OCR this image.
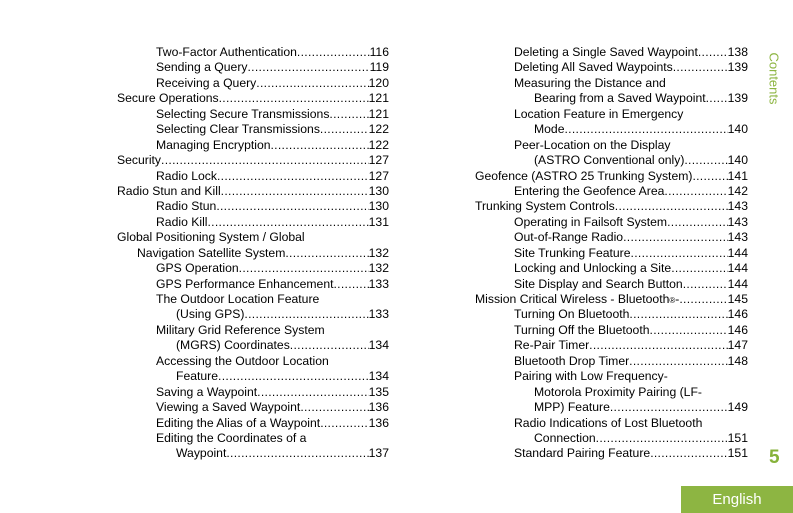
Two-Factor Authentication .....	116
Sending a Query .....	119
Receiving a Query .....	120
Secure Operations .....	121
Selecting Secure Transmissions .....	121
Selecting Clear Transmissions .....	122
Managing Encryption .....	122
Security .....	127
Radio Lock .....	127
Radio Stun and Kill .....	130
Radio Stun .....	130
Radio Kill .....	131
Global Positioning System / Global
Navigation Satellite System .....	132
GPS Operation .....	132
GPS Performance Enhancement .....	133
The Outdoor Location Feature
(Using GPS) .....	133
Military Grid Reference System
(MGRS) Coordinates .....	134
Accessing the Outdoor Location
Feature .....	134
Saving a Waypoint .....	135
Viewing a Saved Waypoint .....	136
Editing the Alias of a Waypoint .....	136
Editing the Coordinates of a
Waypoint .....	137
Deleting a Single Saved Waypoint ..... 138
Deleting All Saved Waypoints .....	139
Measuring the Distance and
Bearing from a Saved Waypoint ..... 139
Location Feature in Emergency
Mode .....	140
Peer-Location on the Display
(ASTRO Conventional only) .....	140
Geofence (ASTRO 25 Trunking System) .....	141
Entering the Geofence Area .....	142
Trunking System Controls .....	143
Operating in Failsoft System .....	143
Out-of-Range Radio .....	143
Site Trunking Feature .....	144
Locking and Unlocking a Site .....	144
Site Display and Search Button .....	144
Mission Critical Wireless - Bluetooth ® - .....	145
Turning On Bluetooth .....	146
Turning Off the Bluetooth .....	146
Re-Pair Timer .....	147
Bluetooth Drop Timer .....	148
Pairing with Low Frequency-
Motorola Proximity Pairing (LF-
MPP) Feature .....	149
Radio Indications of Lost Bluetooth
Connection .....	151
Standard Pairing Feature .....	151
Contents
5
English
